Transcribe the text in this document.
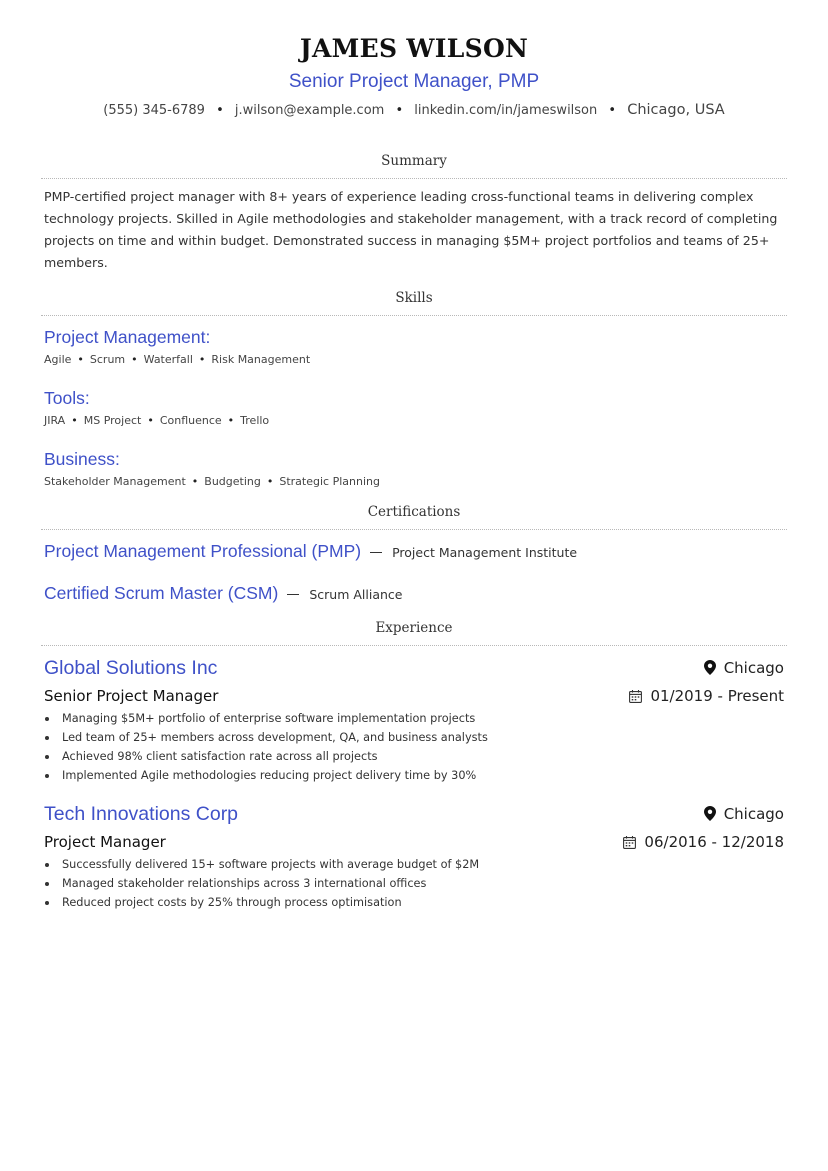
JAMES WILSON
Senior Project Manager, PMP
(555) 345-6789 • j.wilson@example.com • linkedin.com/in/jameswilson • Chicago, USA
Summary
PMP-certified project manager with 8+ years of experience leading cross-functional teams in delivering complex technology projects. Skilled in Agile methodologies and stakeholder management, with a track record of completing projects on time and within budget. Demonstrated success in managing $5M+ project portfolios and teams of 25+ members.
Skills
Project Management:
Agile • Scrum • Waterfall • Risk Management
Tools:
JIRA • MS Project • Confluence • Trello
Business:
Stakeholder Management • Budgeting • Strategic Planning
Certifications
Project Management Professional (PMP) Project Management Institute
Certified Scrum Master (CSM) Scrum Alliance
Experience
Global Solutions Inc	Chicago
Senior Project Manager	01/2019 - Present
Managing $5M+ portfolio of enterprise software implementation projects
Led team of 25+ members across development, QA, and business analysts
Achieved 98% client satisfaction rate across all projects
Implemented Agile methodologies reducing project delivery time by 30%
Tech Innovations Corp	Chicago
Project Manager	06/2016 - 12/2018
Successfully delivered 15+ software projects with average budget of $2M
Managed stakeholder relationships across 3 international offices
Reduced project costs by 25% through process optimisation
